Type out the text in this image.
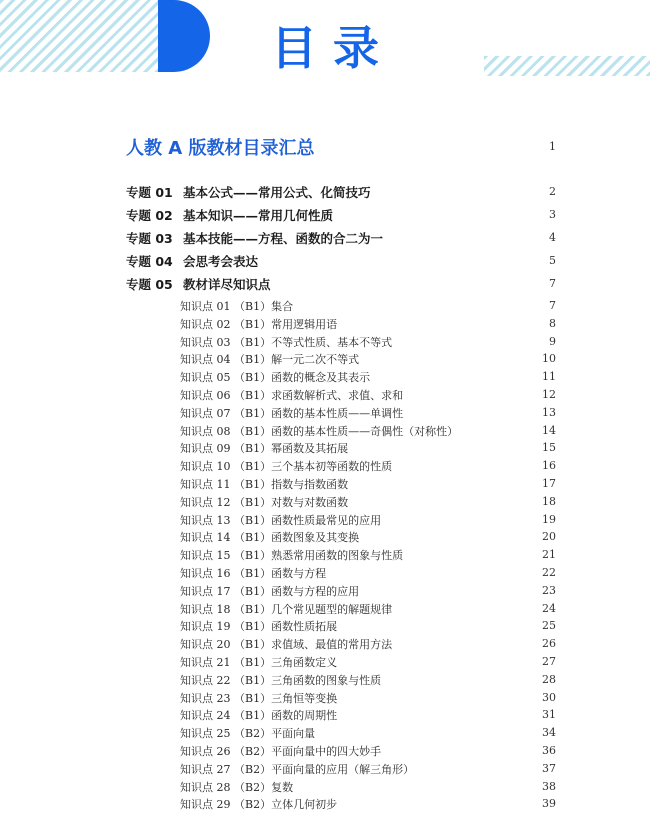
目录
人教 A 版教材目录汇总	1
专题 01 基本公式——常用公式、化简技巧	2
专题 02 基本知识——常用几何性质	3
专题 03 基本技能——方程、函数的合二为一	4
专题 04 会思考会表达	5
专题 05 教材详尽知识点	7
知识点 01 （B1）集合	7
知识点 02 （B1）常用逻辑用语	8
知识点 03 （B1）不等式性质、基本不等式	9
知识点 04 （B1）解一元二次不等式	10
知识点 05 （B1）函数的概念及其表示	11
知识点 06 （B1）求函数解析式、求值、求和	12
知识点 07 （B1）函数的基本性质——单调性	13
知识点 08 （B1）函数的基本性质——奇偶性（对称性）	14
知识点 09 （B1）幂函数及其拓展	15
知识点 10 （B1）三个基本初等函数的性质	16
知识点 11 （B1）指数与指数函数	17
知识点 12 （B1）对数与对数函数	18
知识点 13 （B1）函数性质最常见的应用	19
知识点 14 （B1）函数图象及其变换	20
知识点 15 （B1）熟悉常用函数的图象与性质	21
知识点 16 （B1）函数与方程	22
知识点 17 （B1）函数与方程的应用	23
知识点 18 （B1）几个常见题型的解题规律	24
知识点 19 （B1）函数性质拓展	25
知识点 20 （B1）求值域、最值的常用方法	26
知识点 21 （B1）三角函数定义	27
知识点 22 （B1）三角函数的图象与性质	28
知识点 23 （B1）三角恒等变换	30
知识点 24 （B1）函数的周期性	31
知识点 25 （B2）平面向量	34
知识点 26 （B2）平面向量中的四大妙手	36
知识点 27 （B2）平面向量的应用（解三角形）	37
知识点 28 （B2）复数	38
知识点 29 （B2）立体几何初步	39
